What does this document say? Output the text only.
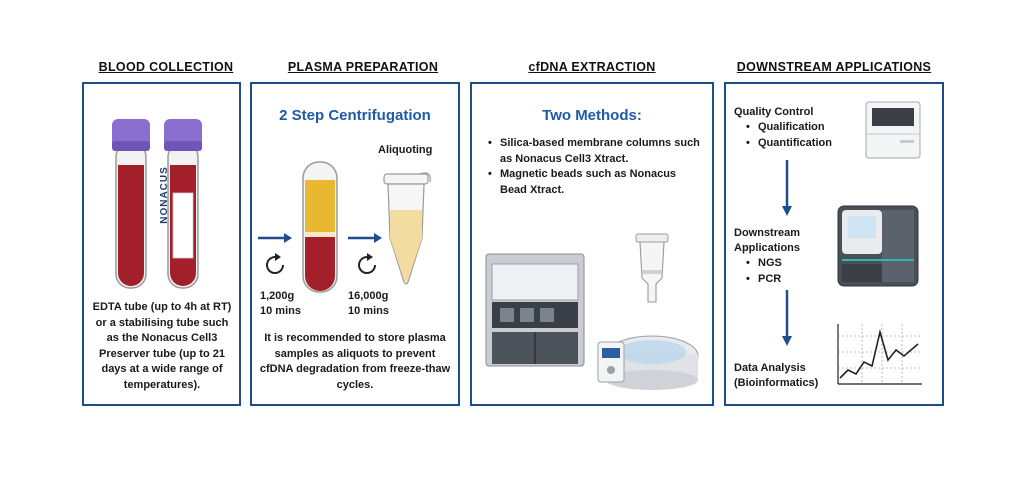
BLOOD COLLECTION	PLASMA PREPARATION	cfDNA EXTRACTION	DOWNSTREAM APPLICATIONS
NONACUS
EDTA tube (up to 4h at RT) or a stabilising tube such as the Nonacus Cell3 Preserver tube (up to 21 days at a wide range of temperatures).
2 Step Centrifugation
Aliquoting
1,200g
10 mins
16,000g
10 mins
It is recommended to store plasma samples as aliquots to prevent cfDNA degradation from freeze-thaw cycles.
Two Methods:
• Silica-based membrane columns such as Nonacus Cell3 Xtract.
• Magnetic beads such as Nonacus Bead Xtract.
Quality Control
• Qualification
• Quantification
Downstream
Applications
• NGS
• PCR
Data Analysis
(Bioinformatics)
